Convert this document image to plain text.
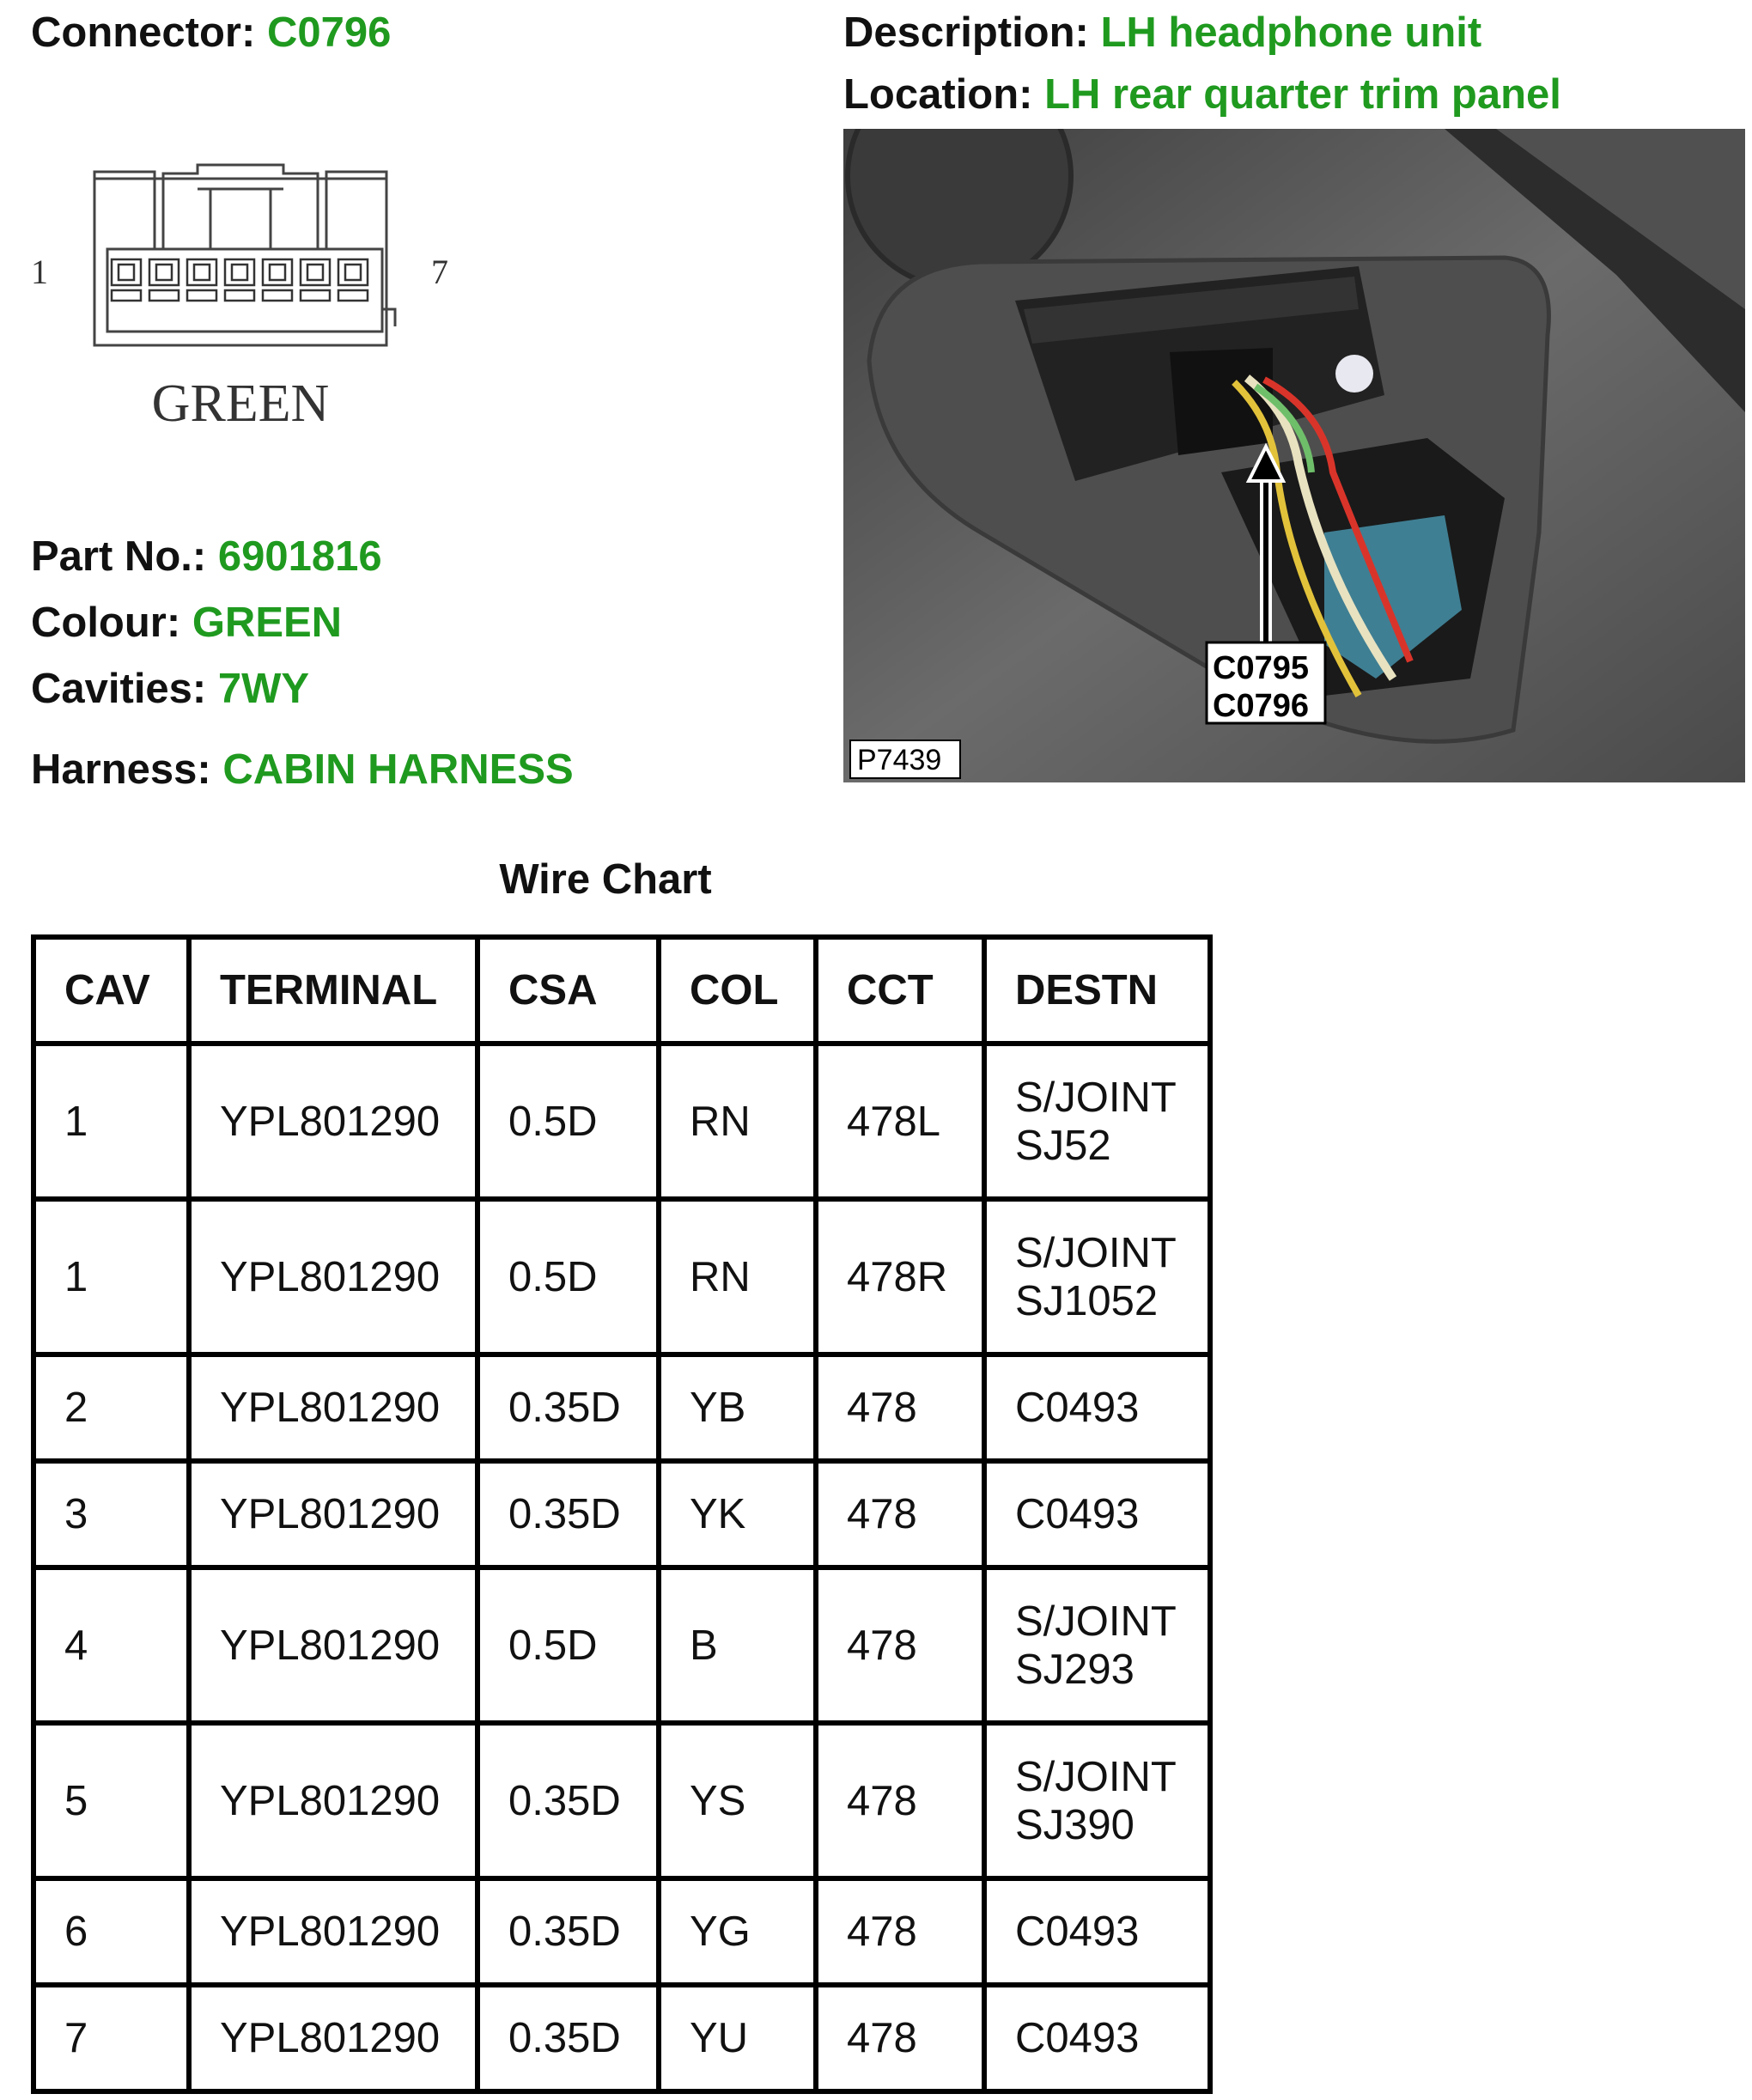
Connector: C0796	Description: LH headphone unit
Location: LH rear quarter trim panel
1	7
GREEN
Part No.: 6901816
Colour: GREEN
Cavities: 7WY
Harness: CABIN HARNESS
C0795
C0796
P7439
Wire Chart
CAV	TERMINAL	CSA	COL	CCT	DESTN
1	YPL801290	0.5D	RN	478L	S/JOINT
SJ52

1	YPL801290	0.5D	RN	478R	S/JOINT
SJ1052

2	YPL801290	0.35D	YB	478	C0493
3	YPL801290	0.35D	YK	478	C0493
4	YPL801290	0.5D	B	478	S/JOINT
SJ293

5	YPL801290	0.35D	YS	478	S/JOINT
SJ390

6	YPL801290	0.35D	YG	478	C0493
7	YPL801290	0.35D	YU	478	C0493
